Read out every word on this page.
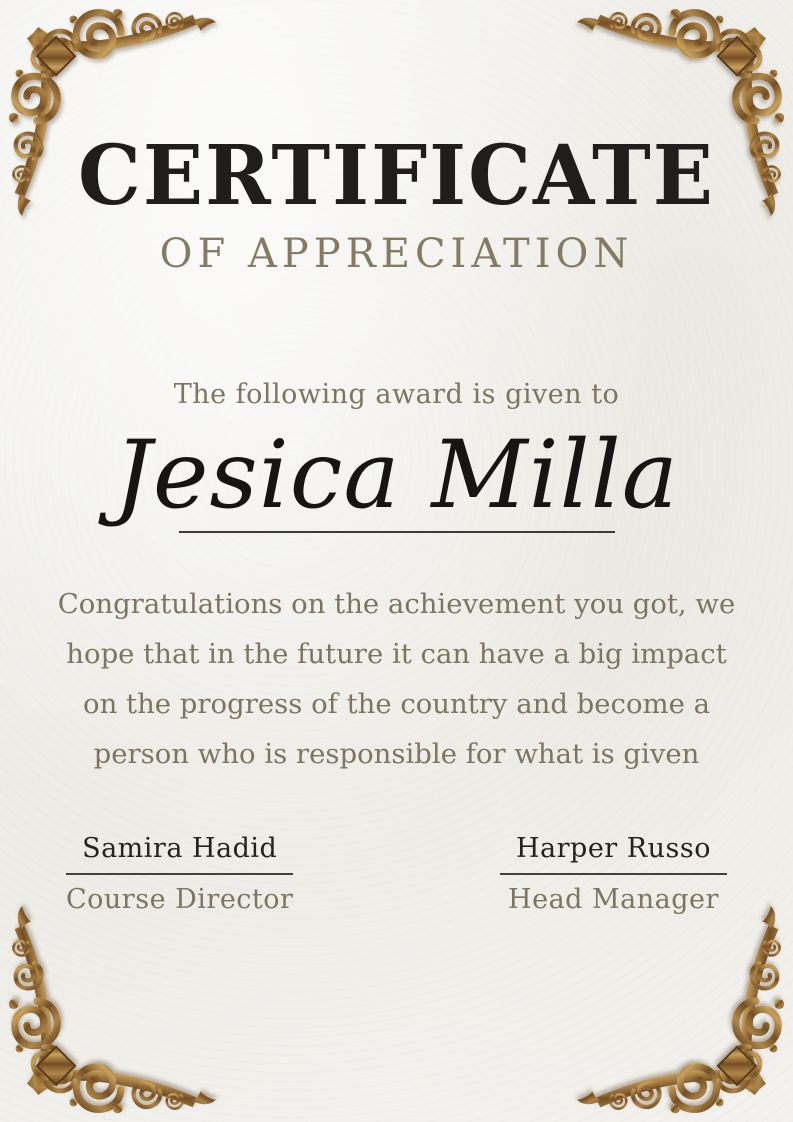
CERTIFICATE
OF APPRECIATION
The following award is given to
Jesica Milla
Congratulations on the achievement you got, we hope that in the future it can have a big impact on the progress of the country and become a person who is responsible for what is given
Samira Hadid
Course Director
Harper Russo
Head Manager
